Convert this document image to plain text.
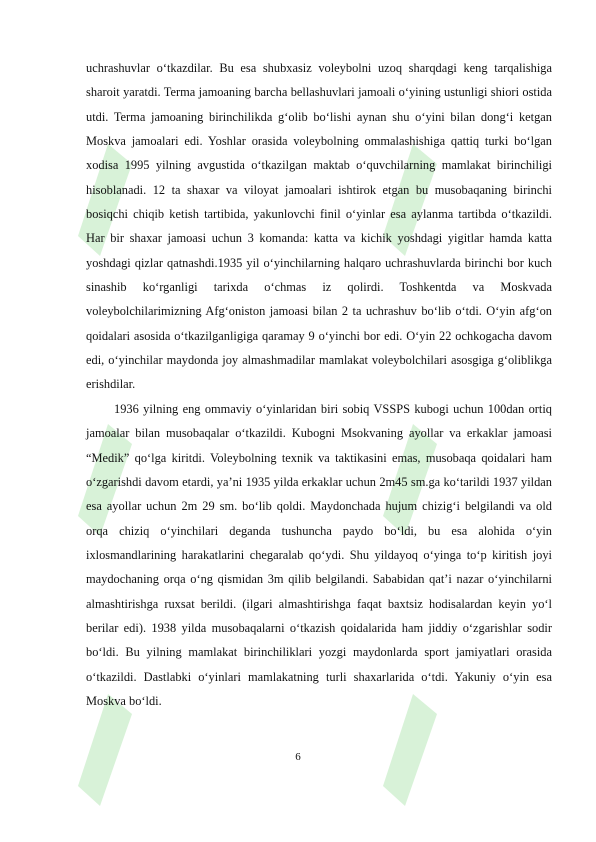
uchrashuvlar o‘tkazdilar. Bu esa shubxasiz voleybolni uzoq sharqdagi keng tarqalishiga sharoit yaratdi. Terma jamoaning barcha bellashuvlari jamoali o‘yining ustunligi shiori ostida utdi. Terma jamoaning birinchilikda g‘olib bo‘lishi aynan shu o‘yini bilan dong‘i ketgan Moskva jamoalari edi. Yoshlar orasida voleybolning ommalashishiga qattiq turki bo‘lgan xodisa 1995 yilning avgustida o‘tkazilgan maktab o‘quvchilarning mamlakat birinchiligi hisoblanadi. 12 ta shaxar va viloyat jamoalari ishtirok etgan bu musobaqaning birinchi bosiqchi chiqib ketish tartibida, yakunlovchi finil o‘yinlar esa aylanma tartibda o‘tkazildi. Har bir shaxar jamoasi uchun 3 komanda: katta va kichik yoshdagi yigitlar hamda katta yoshdagi qizlar qatnashdi.1935 yil o‘yinchilarning halqaro uchrashuvlarda birinchi bor kuch sinashib ko‘rganligi tarixda o‘chmas iz qolirdi. Toshkentda va Moskvada voleybolchilarimizning Afg‘oniston jamoasi bilan 2 ta uchrashuv bo‘lib o‘tdi. O‘yin afg‘on qoidalari asosida o‘tkazilganligiga qaramay 9 o‘yinchi bor edi. O‘yin 22 ochkogacha davom edi, o‘yinchilar maydonda joy almashmadilar mamlakat voleybolchilari asosgiga g‘oliblikga erishdilar.

1936 yilning eng ommaviy o‘yinlaridan biri sobiq VSSPS kubogi uchun 100dan ortiq jamoalar bilan musobaqalar o‘tkazildi. Kubogni Msokvaning ayollar va erkaklar jamoasi “Medik” qo‘lga kiritdi. Voleybolning texnik va taktikasini emas, musobaqa qoidalari ham o‘zgarishdi davom etardi, ya’ni 1935 yilda erkaklar uchun 2m45 sm.ga ko‘tarildi 1937 yildan esa ayollar uchun 2m 29 sm. bo‘lib qoldi. Maydonchada hujum chizig‘i belgilandi va old orqa chiziq o‘yinchilari deganda tushuncha paydo bo‘ldi, bu esa alohida o‘yin ixlosmandlarining harakatlarini chegaralab qo‘ydi. Shu yildayoq o‘yinga to‘p kiritish joyi maydochaning orqa o‘ng qismidan 3m qilib belgilandi. Sababidan qat’i nazar o‘yinchilarni almashtirishga ruxsat berildi. (ilgari almashtirishga faqat baxtsiz hodisalardan keyin yo‘l berilar edi). 1938 yilda musobaqalarni o‘tkazish qoidalarida ham jiddiy o‘zgarishlar sodir bo‘ldi. Bu yilning mamlakat birinchiliklari yozgi maydonlarda sport jamiyatlari orasida o‘tkazildi. Dastlabki o‘yinlari mamlakatning turli shaxarlarida o‘tdi. Yakuniy o‘yin esa Moskva bo‘ldi.

6
